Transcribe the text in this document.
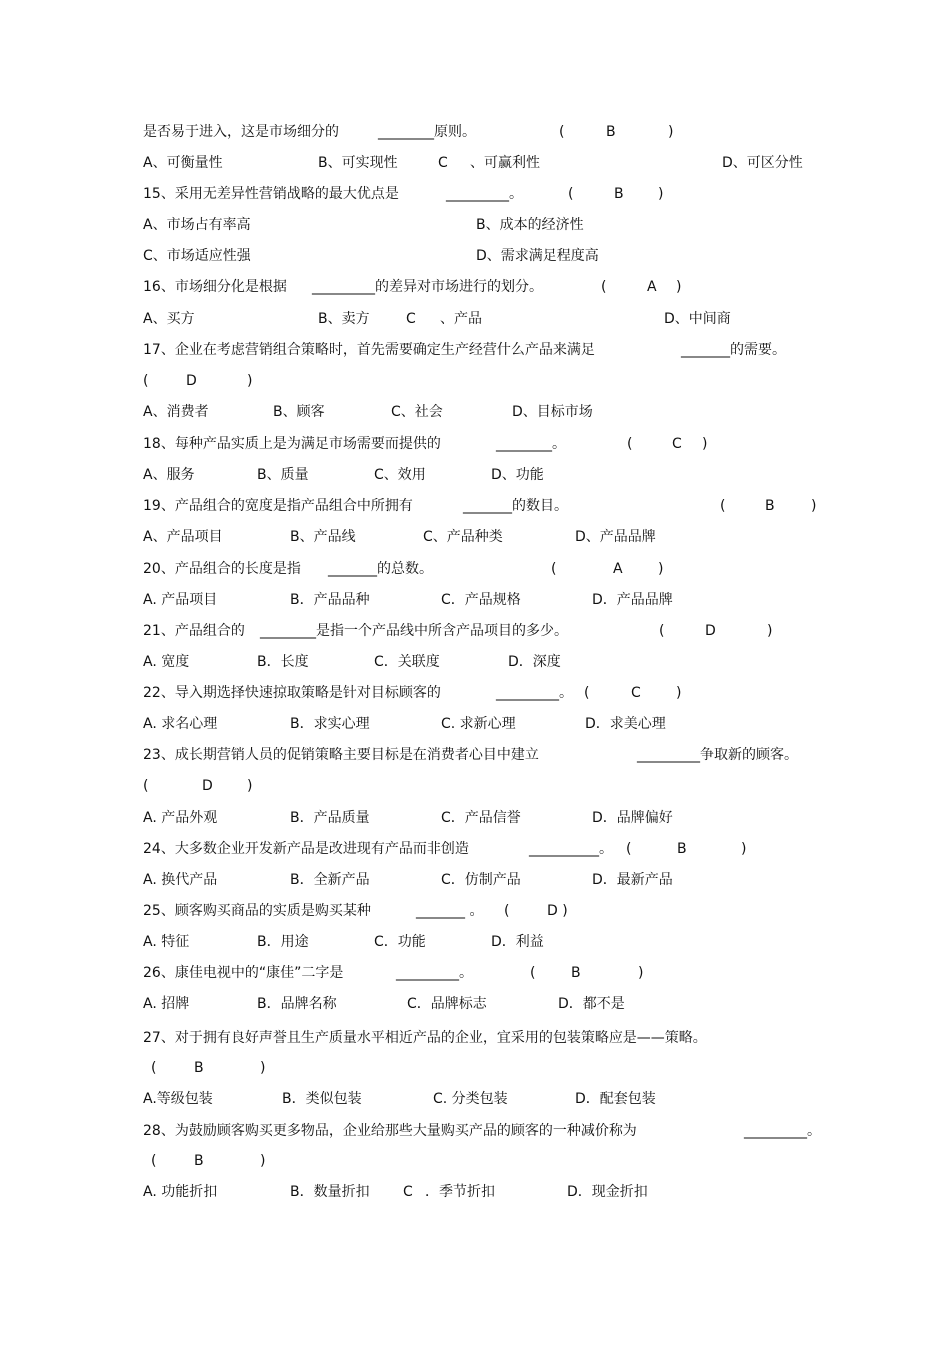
是否易于进入，这是市场细分的	________原则。	(	B	)
A、可衡量性	B、可实现性	C 、可赢利性	D、可区分性
15、采用无差异性营销战略的最大优点是	_________。	(	B )
A、市场占有率高	B、成本的经济性
C、市场适应性强	D、需求满足程度高
16、市场细分化是根据 _________的差异对市场进行的划分。	(	A )
A、买方	B、卖方	C 、产品	D、中间商
17、企业在考虑营销组合策略时，首先需要确定生产经营什么产品来满足	_______的需要。
(	D	)
A、消费者	B、顾客	C、社会	D、目标市场
18、每种产品实质上是为满足市场需要而提供的	________。	(	C )
A、服务	B、质量	C、效用	D、功能
19、产品组合的宽度是指产品组合中所拥有	_______的数目。	(	B	)
A、产品项目	B、产品线	C、产品种类	D、产品品牌
20、产品组合的长度是指 _______的总数。	(	A	)
A. 产品项目	B．产品品种	C．产品规格	D．产品品牌
21、产品组合的 ________是指一个产品线中所含产品项目的多少。	(	D	)
A. 宽度	B．长度	C．关联度	D．深度
22、导入期选择快速掠取策略是针对目标顾客的	_________。 (	C	)
A. 求名心理	B．求实心理	C. 求新心理	D．求美心理
23、成长期营销人员的促销策略主要目标是在消费者心目中建立	_________争取新的顾客。
(	D )
A. 产品外观	B．产品质量	C．产品信誉	D．品牌偏好
24、大多数企业开发新产品是改进现有产品而非创造	__________。 (	B	)
A. 换代产品	B．全新产品	C．仿制产品	D．最新产品
25、顾客购买商品的实质是购买某种	_______ 。 (	D )
A. 特征	B．用途	C．功能	D．利益
26、康佳电视中的“康佳”二字是	_________。	(	B	)
A. 招牌	B．品牌名称	C．品牌标志	D．都不是
27、对于拥有良好声誉且生产质量水平相近产品的企业，宜采用的包装策略应是——策略。
(	B	)
A.等级包装	B．类似包装	C. 分类包装	D．配套包装
28、为鼓励顾客购买更多物品，企业给那些大量购买产品的顾客的一种减价称为	_________。
(	B	)
A. 功能折扣	B．数量折扣 C ．季节折扣	D．现金折扣
